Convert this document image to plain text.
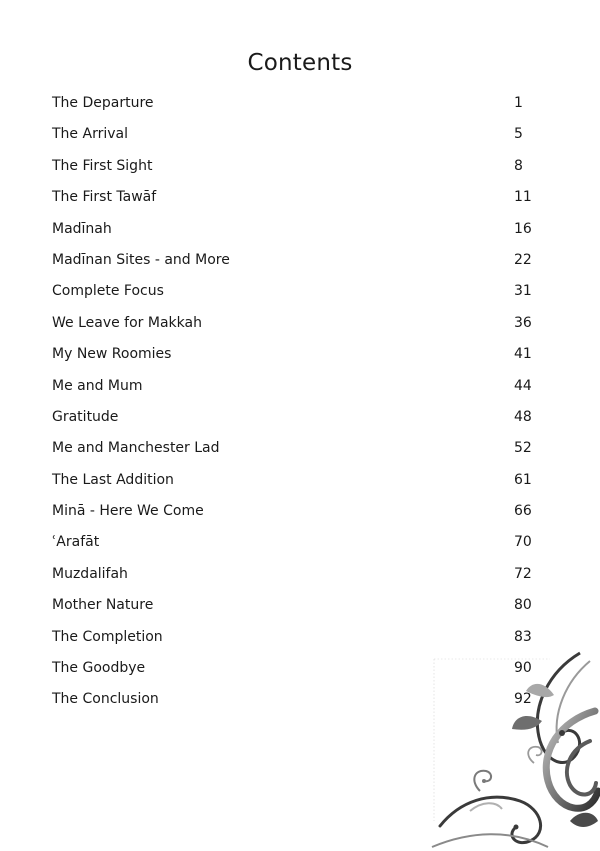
Contents
The Departure	1
The Arrival	5
The First Sight	8
The First Tawāf	11
Madīnah	16
Madīnan Sites - and More	22
Complete Focus	31
We Leave for Makkah	36
My New Roomies	41
Me and Mum	44
Gratitude	48
Me and Manchester Lad	52
The Last Addition	61
Minā - Here We Come	66
ʿArafāt	70
Muzdalifah	72
Mother Nature	80
The Completion	83
The Goodbye	90
The Conclusion	92
